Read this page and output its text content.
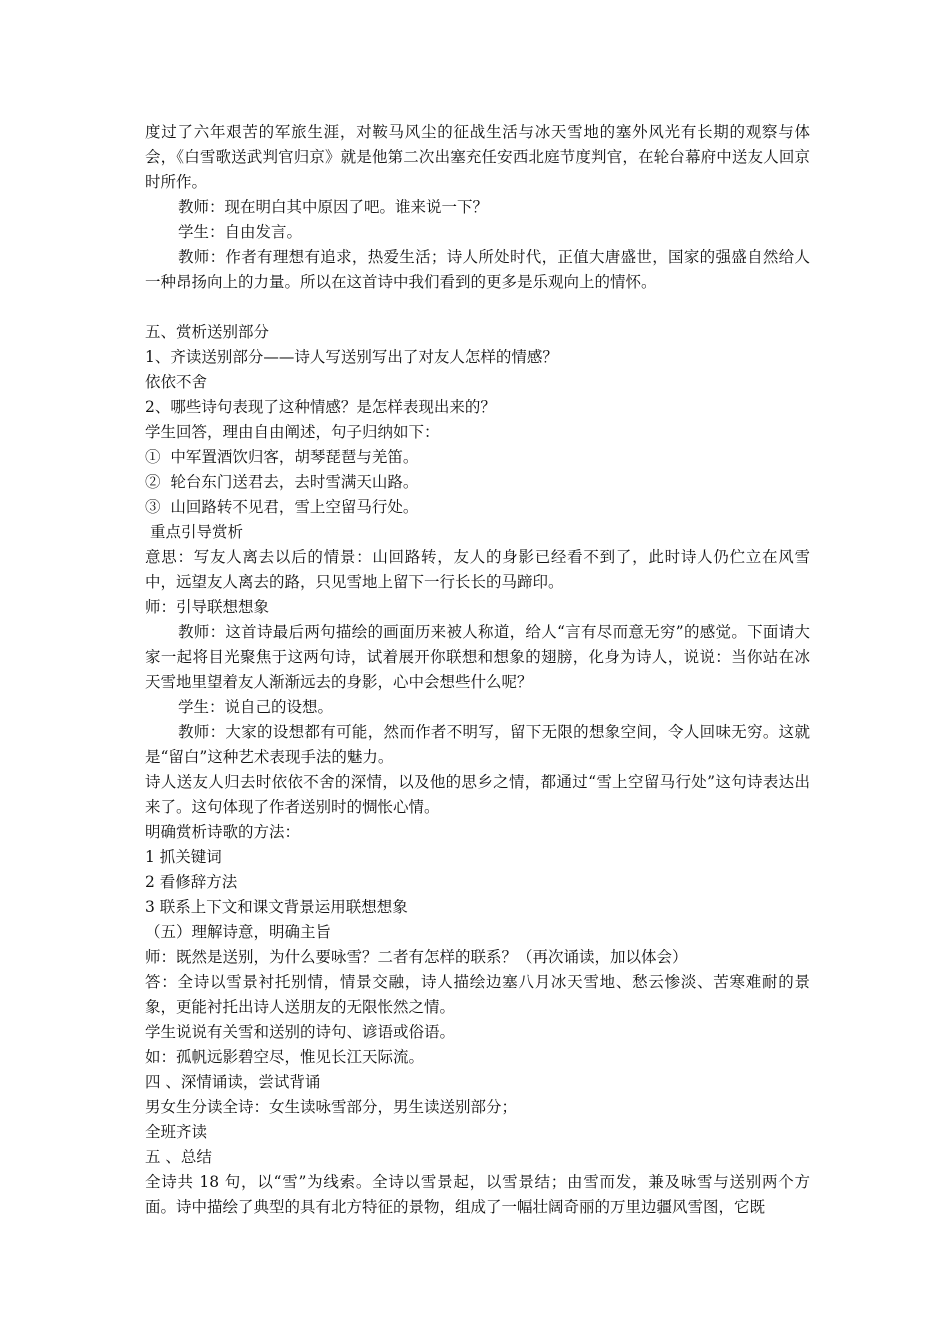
度过了六年艰苦的军旅生涯，对鞍马风尘的征战生活与冰天雪地的塞外风光有长期的观察与体会，《白雪歌送武判官归京》就是他第二次出塞充任安西北庭节度判官，在轮台幕府中送友人回京时所作。

教师：现在明白其中原因了吧。谁来说一下？

学生：自由发言。

教师：作者有理想有追求，热爱生活；诗人所处时代，正值大唐盛世，国家的强盛自然给人一种昂扬向上的力量。所以在这首诗中我们看到的更多是乐观向上的情怀。

五、赏析送别部分

1、齐读送别部分——诗人写送别写出了对友人怎样的情感？

依依不舍

2、哪些诗句表现了这种情感？是怎样表现出来的？

学生回答，理由自由阐述，句子归纳如下：

①  中军置酒饮归客，胡琴琵琶与羌笛。

②  轮台东门送君去，去时雪满天山路。

③  山回路转不见君，雪上空留马行处。

重点引导赏析

意思：写友人离去以后的情景：山回路转，友人的身影已经看不到了，此时诗人仍伫立在风雪中，远望友人离去的路，只见雪地上留下一行长长的马蹄印。

师：引导联想想象

教师：这首诗最后两句描绘的画面历来被人称道，给人“言有尽而意无穷”的感觉。下面请大家一起将目光聚焦于这两句诗，试着展开你联想和想象的翅膀，化身为诗人，说说：当你站在冰天雪地里望着友人渐渐远去的身影，心中会想些什么呢？

学生：说自己的设想。

教师：大家的设想都有可能，然而作者不明写，留下无限的想象空间，令人回味无穷。这就是“留白”这种艺术表现手法的魅力。

诗人送友人归去时依依不舍的深情，以及他的思乡之情，都通过“雪上空留马行处”这句诗表达出来了。这句体现了作者送别时的惆怅心情。

明确赏析诗歌的方法：

1 抓关键词

2 看修辞方法

3 联系上下文和课文背景运用联想想象

（五）理解诗意，明确主旨

师：既然是送别，为什么要咏雪？二者有怎样的联系？（再次诵读，加以体会）

答：全诗以雪景衬托别情，情景交融，诗人描绘边塞八月冰天雪地、愁云惨淡、苦寒难耐的景象，更能衬托出诗人送朋友的无限怅然之情。

学生说说有关雪和送别的诗句、谚语或俗语。

如：孤帆远影碧空尽，惟见长江天际流。

四 、深情诵读，尝试背诵

男女生分读全诗：女生读咏雪部分，男生读送别部分；

全班齐读

五 、总结

全诗共 18 句，以“雪”为线索。全诗以雪景起，以雪景结；由雪而发，兼及咏雪与送别两个方面。诗中描绘了典型的具有北方特征的景物，组成了一幅壮阔奇丽的万里边疆风雪图，它既
